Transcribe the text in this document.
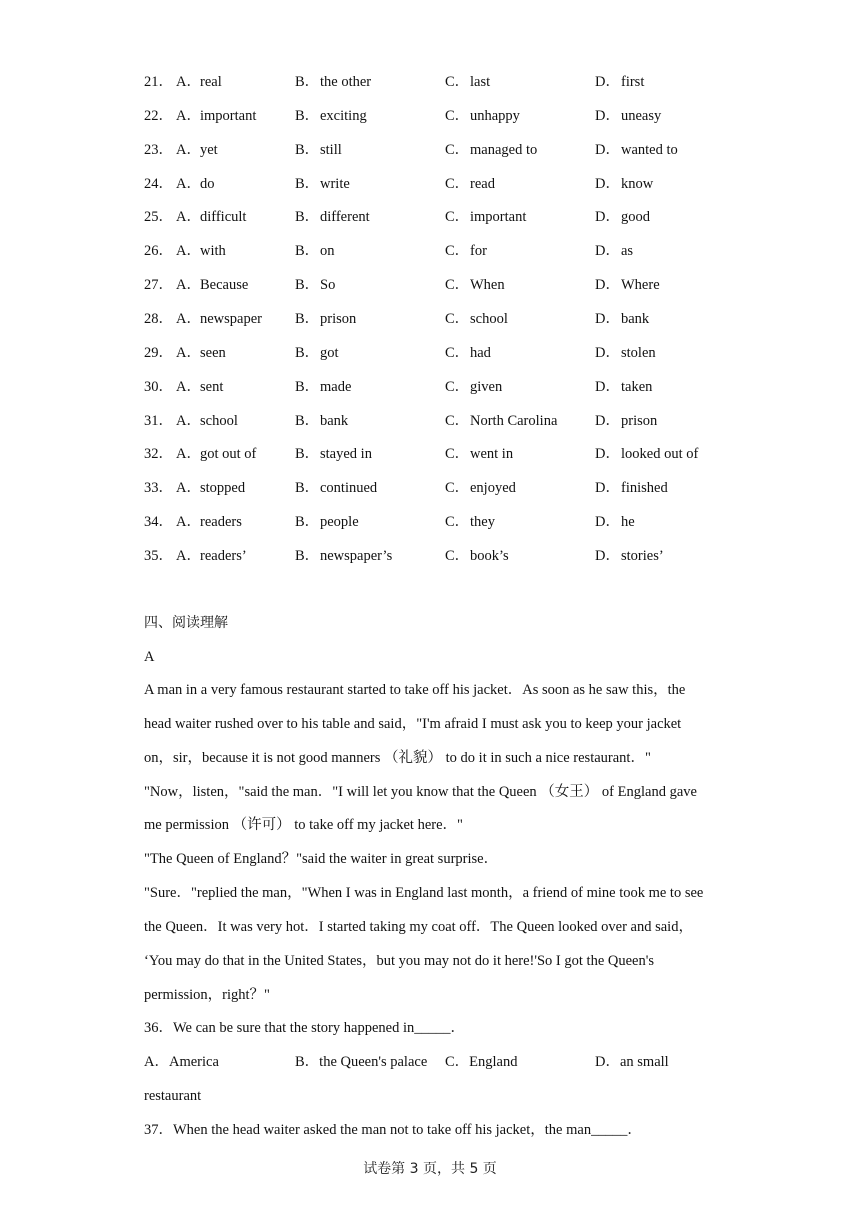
21． A． real	B． the other	C． last	D． first
22． A． important	B． exciting	C． unhappy	D． uneasy
23． A． yet	B． still	C． managed to	D． wanted to
24． A． do	B． write	C． read	D． know
25． A． difficult	B． different	C． important	D． good
26． A． with	B． on	C． for	D． as
27． A． Because	B． So	C． When	D． Where
28． A． newspaper B． prison	C． school	D． bank
29． A． seen	B． got	C． had	D． stolen
30． A． sent	B． made	C． given	D． taken
31． A． school	B． bank	C． North Carolina	D． prison
32． A． got out of	B． stayed in	C． went in	D． looked out of
33． A． stopped	B． continued	C． enjoyed	D． finished
34． A． readers	B． people	C． they	D． he
35． A． readers’	B． newspaper’s	C． book’s	D． stories’
四、阅读理解
A
A man in a very famous restaurant started to take off his jacket．As soon as he saw this，the
head waiter rushed over to his table and said，"I'm afraid I must ask you to keep your jacket
on，sir，because it is not good manners （礼貌） to do it in such a nice restaurant．"
"Now，listen，"said the man．"I will let you know that the Queen （女王） of England gave
me permission （许可） to take off my jacket here．"
"The Queen of England？"said the waiter in great surprise．
"Sure．"replied the man，"When I was in England last month，a friend of mine took me to see
the Queen．It was very hot．I started taking my coat off．The Queen looked over and said，
‘You may do that in the United States，but you may not do it here!'So I got the Queen's
permission，right？"
36．We can be sure that the story happened in_____．
A．America	B．the Queen's palace C．England	D．an small
restaurant
37．When the head waiter asked the man not to take off his jacket，the man_____．
试卷第 3 页，共 5 页
